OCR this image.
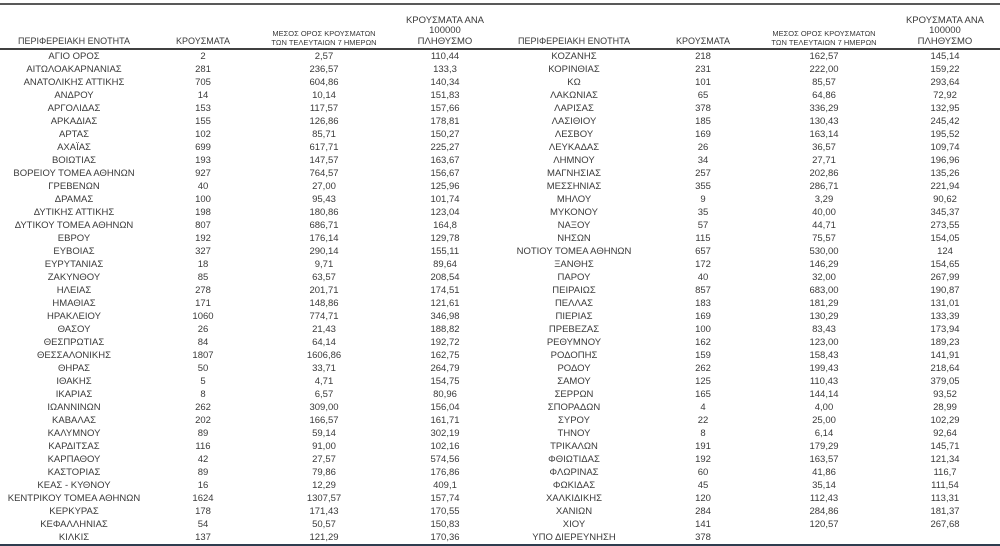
ΠΕΡΙΦΕΡΕΙΑΚΗ ΕΝΟΤΗΤΑ	ΚΡΟΥΣΜΑΤΑ	ΜΕΣΟΣ ΟΡΟΣ ΚΡΟΥΣΜΑΤΩΝ
ΤΩΝ ΤΕΛΕΥΤΑΙΩΝ 7 ΗΜΕΡΩΝ	ΚΡΟΥΣΜΑΤΑ ΑΝΑ 100000
ΠΛΗΘΥΣΜΟ

ΑΓΙΟ ΟΡΟΣ	2	2,57	110,44
ΑΙΤΩΛΟΑΚΑΡΝΑΝΙΑΣ	281	236,57	133,3
ΑΝΑΤΟΛΙΚΗΣ ΑΤΤΙΚΗΣ	705	604,86	140,34
ΑΝΔΡΟΥ	14	10,14	151,83
ΑΡΓΟΛΙΔΑΣ	153	117,57	157,66
ΑΡΚΑΔΙΑΣ	155	126,86	178,81
ΑΡΤΑΣ	102	85,71	150,27
ΑΧΑΪΑΣ	699	617,71	225,27
ΒΟΙΩΤΙΑΣ	193	147,57	163,67
ΒΟΡΕΙΟΥ ΤΟΜΕΑ ΑΘΗΝΩΝ	927	764,57	156,67
ΓΡΕΒΕΝΩΝ	40	27,00	125,96
ΔΡΑΜΑΣ	100	95,43	101,74
ΔΥΤΙΚΗΣ ΑΤΤΙΚΗΣ	198	180,86	123,04
ΔΥΤΙΚΟΥ ΤΟΜΕΑ ΑΘΗΝΩΝ	807	686,71	164,8
ΕΒΡΟΥ	192	176,14	129,78
ΕΥΒΟΙΑΣ	327	290,14	155,11
ΕΥΡΥΤΑΝΙΑΣ	18	9,71	89,64
ΖΑΚΥΝΘΟΥ	85	63,57	208,54
ΗΛΕΙΑΣ	278	201,71	174,51
ΗΜΑΘΙΑΣ	171	148,86	121,61
ΗΡΑΚΛΕΙΟΥ	1060	774,71	346,98
ΘΑΣΟΥ	26	21,43	188,82
ΘΕΣΠΡΩΤΙΑΣ	84	64,14	192,72
ΘΕΣΣΑΛΟΝΙΚΗΣ	1807	1606,86	162,75
ΘΗΡΑΣ	50	33,71	264,79
ΙΘΑΚΗΣ	5	4,71	154,75
ΙΚΑΡΙΑΣ	8	6,57	80,96
ΙΩΑΝΝΙΝΩΝ	262	309,00	156,04
ΚΑΒΑΛΑΣ	202	166,57	161,71
ΚΑΛΥΜΝΟΥ	89	59,14	302,19
ΚΑΡΔΙΤΣΑΣ	116	91,00	102,16
ΚΑΡΠΑΘΟΥ	42	27,57	574,56
ΚΑΣΤΟΡΙΑΣ	89	79,86	176,86
ΚΕΑΣ - ΚΥΘΝΟΥ	16	12,29	409,1
ΚΕΝΤΡΙΚΟΥ ΤΟΜΕΑ ΑΘΗΝΩΝ	1624	1307,57	157,74
ΚΕΡΚΥΡΑΣ	178	171,43	170,55
ΚΕΦΑΛΛΗΝΙΑΣ	54	50,57	150,83
ΚΙΛΚΙΣ	137	121,29	170,36
ΠΕΡΙΦΕΡΕΙΑΚΗ ΕΝΟΤΗΤΑ	ΚΡΟΥΣΜΑΤΑ	ΜΕΣΟΣ ΟΡΟΣ ΚΡΟΥΣΜΑΤΩΝ
ΤΩΝ ΤΕΛΕΥΤΑΙΩΝ 7 ΗΜΕΡΩΝ	ΚΡΟΥΣΜΑΤΑ ΑΝΑ 100000
ΠΛΗΘΥΣΜΟ

ΚΟΖΑΝΗΣ	218	162,57	145,14
ΚΟΡΙΝΘΙΑΣ	231	222,00	159,22
ΚΩ	101	85,57	293,64
ΛΑΚΩΝΙΑΣ	65	64,86	72,92
ΛΑΡΙΣΑΣ	378	336,29	132,95
ΛΑΣΙΘΙΟΥ	185	130,43	245,42
ΛΕΣΒΟΥ	169	163,14	195,52
ΛΕΥΚΑΔΑΣ	26	36,57	109,74
ΛΗΜΝΟΥ	34	27,71	196,96
ΜΑΓΝΗΣΙΑΣ	257	202,86	135,26
ΜΕΣΣΗΝΙΑΣ	355	286,71	221,94
ΜΗΛΟΥ	9	3,29	90,62
ΜΥΚΟΝΟΥ	35	40,00	345,37
ΝΑΞΟΥ	57	44,71	273,55
ΝΗΣΩΝ	115	75,57	154,05
ΝΟΤΙΟΥ ΤΟΜΕΑ ΑΘΗΝΩΝ	657	530,00	124
ΞΑΝΘΗΣ	172	146,29	154,65
ΠΑΡΟΥ	40	32,00	267,99
ΠΕΙΡΑΙΩΣ	857	683,00	190,87
ΠΕΛΛΑΣ	183	181,29	131,01
ΠΙΕΡΙΑΣ	169	130,29	133,39
ΠΡΕΒΕΖΑΣ	100	83,43	173,94
ΡΕΘΥΜΝΟΥ	162	123,00	189,23
ΡΟΔΟΠΗΣ	159	158,43	141,91
ΡΟΔΟΥ	262	199,43	218,64
ΣΑΜΟΥ	125	110,43	379,05
ΣΕΡΡΩΝ	165	144,14	93,52
ΣΠΟΡΑΔΩΝ	4	4,00	28,99
ΣΥΡΟΥ	22	25,00	102,29
ΤΗΝΟΥ	8	6,14	92,64
ΤΡΙΚΑΛΩΝ	191	179,29	145,71
ΦΘΙΩΤΙΔΑΣ	192	163,57	121,34
ΦΛΩΡΙΝΑΣ	60	41,86	116,7
ΦΩΚΙΔΑΣ	45	35,14	111,54
ΧΑΛΚΙΔΙΚΗΣ	120	112,43	113,31
ΧΑΝΙΩΝ	284	284,86	181,37
ΧΙΟΥ	141	120,57	267,68
ΥΠΟ ΔΙΕΡΕΥΝΗΣΗ	378		
